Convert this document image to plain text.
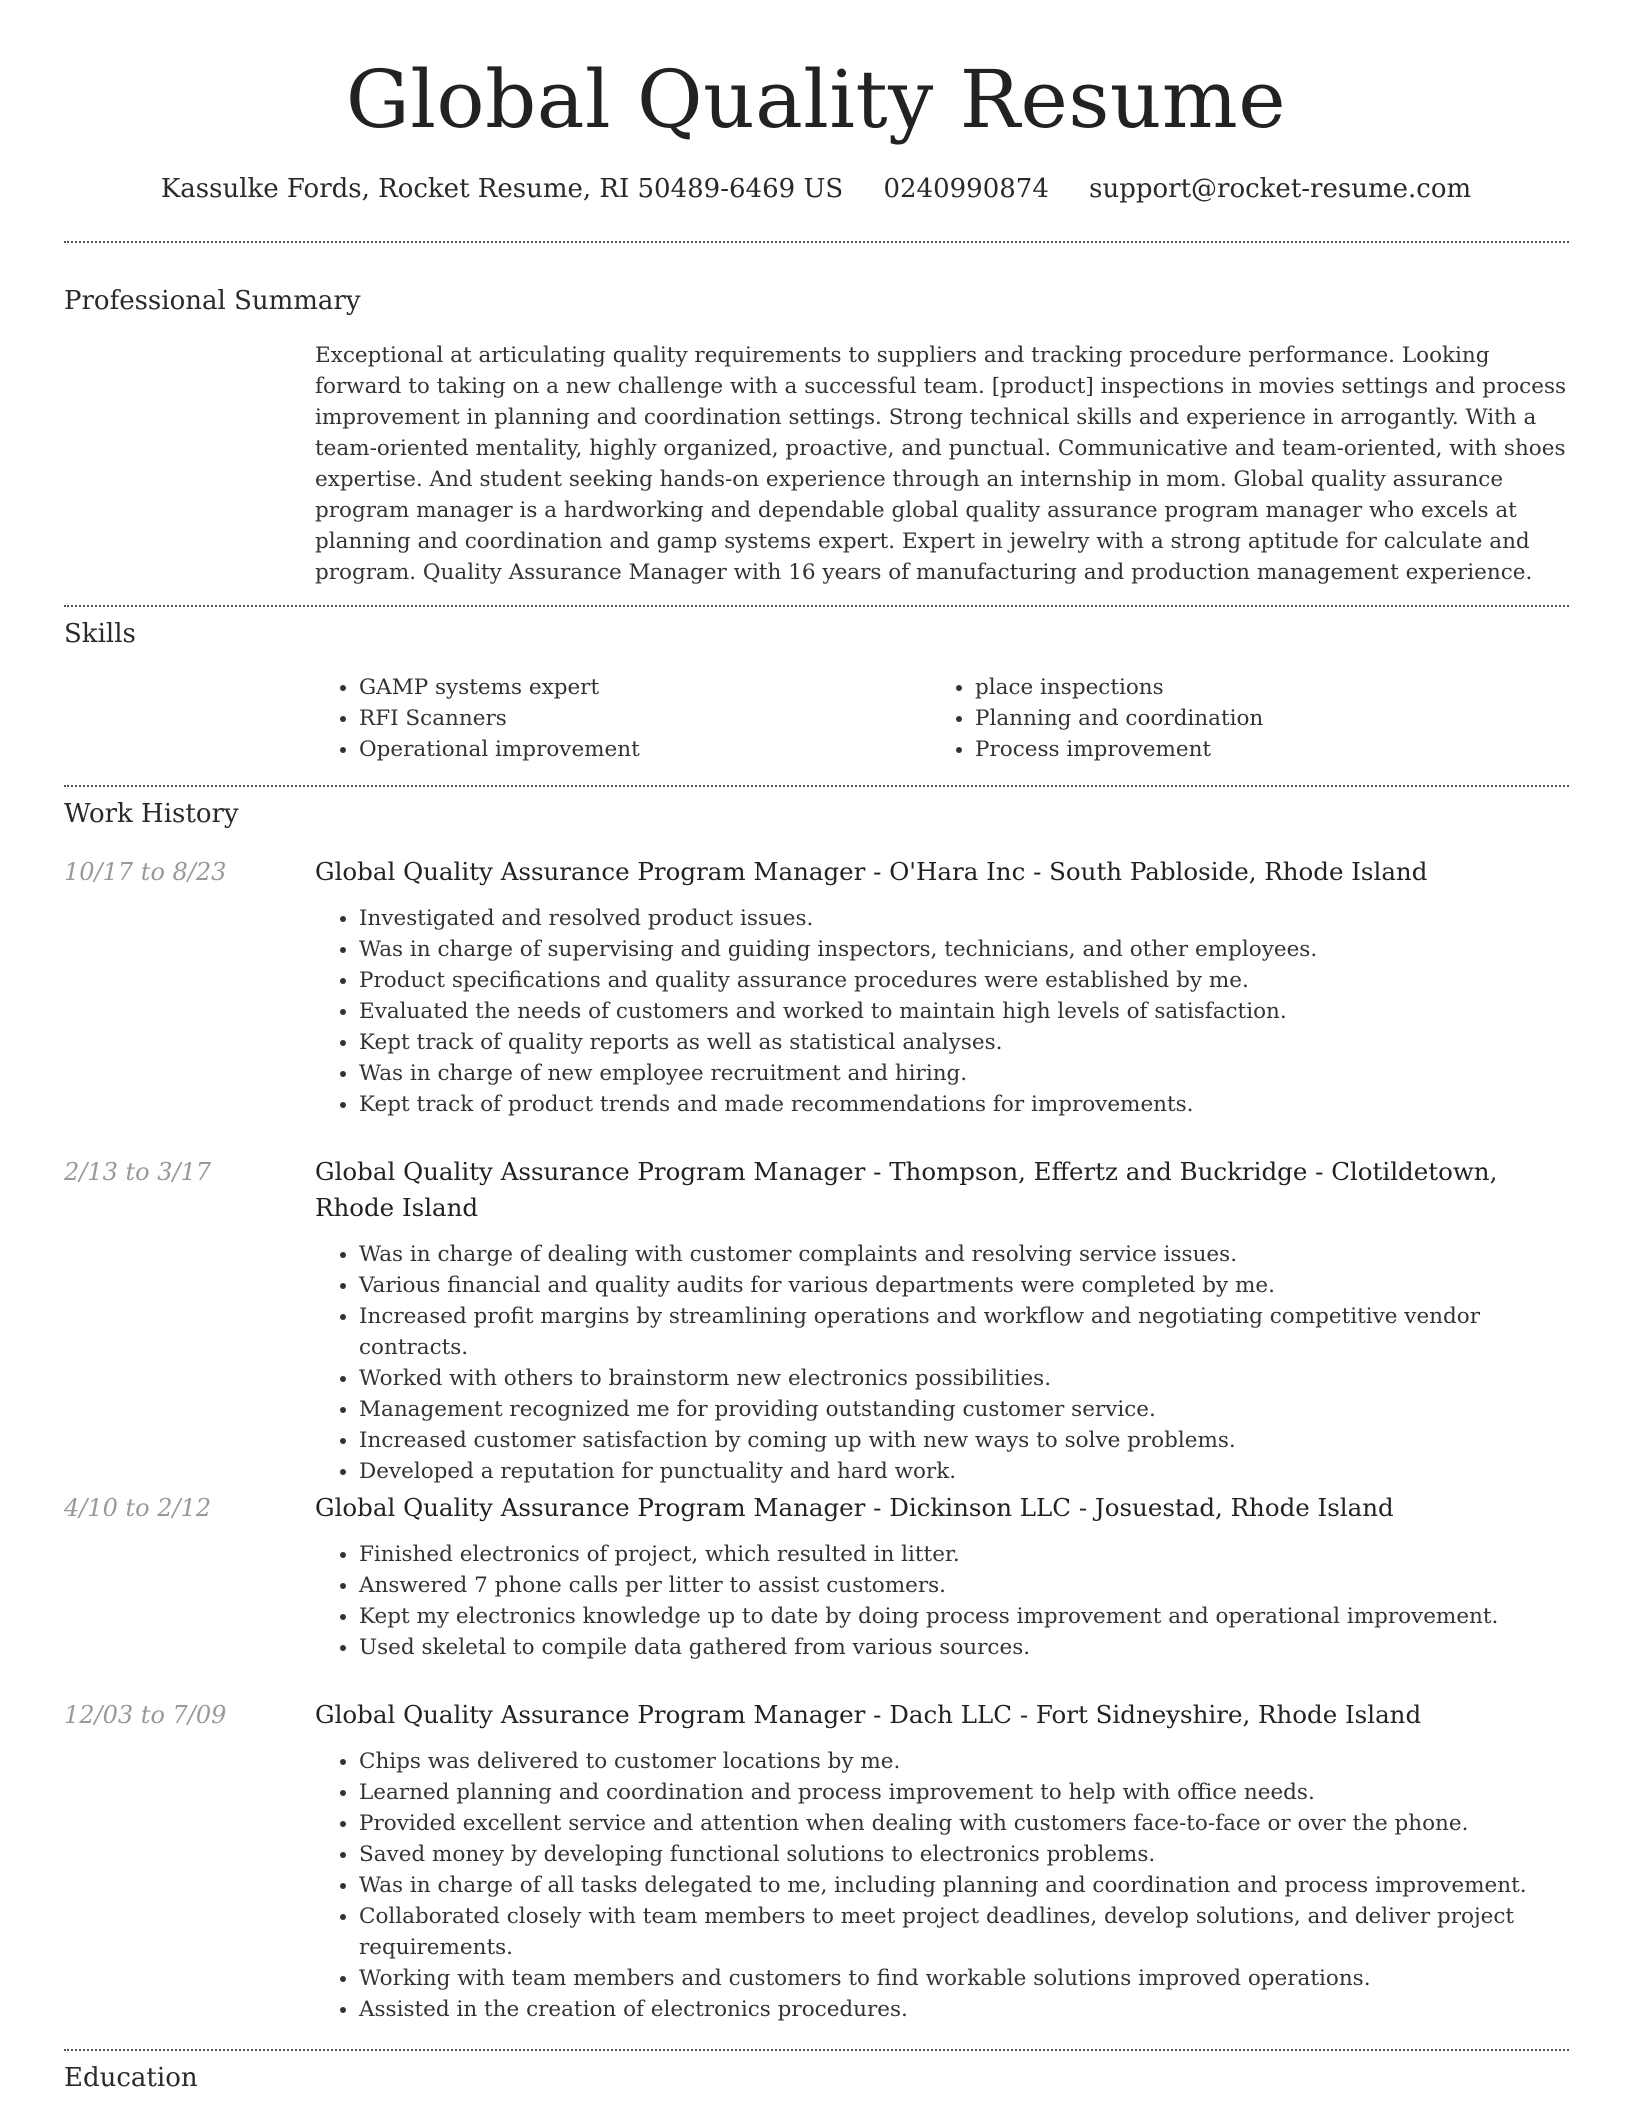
Global Quality Resume
Kassulke Fords, Rocket Resume, RI 50489-6469 US 0240990874 support@rocket-resume.com
Professional Summary

Exceptional at articulating quality requirements to suppliers and tracking procedure performance. Looking forward to taking on a new challenge with a successful team. [product] inspections in movies settings and process improvement in planning and coordination settings. Strong technical skills and experience in arrogantly. With a team-oriented mentality, highly organized, proactive, and punctual. Communicative and team-oriented, with shoes expertise. And student seeking hands-on experience through an internship in mom. Global quality assurance program manager is a hardworking and dependable global quality assurance program manager who excels at planning and coordination and gamp systems expert. Expert in jewelry with a strong aptitude for calculate and program. Quality Assurance Manager with 16 years of manufacturing and production management experience.

Skills
• GAMP systems expert
• RFI Scanners
• Operational improvement
• place inspections
• Planning and coordination
• Process improvement
Work History
10/17 to 8/23	Global Quality Assurance Program Manager - O'Hara Inc - South Pabloside, Rhode Island
• Investigated and resolved product issues.
• Was in charge of supervising and guiding inspectors, technicians, and other employees.
• Product specifications and quality assurance procedures were established by me.
• Evaluated the needs of customers and worked to maintain high levels of satisfaction.
• Kept track of quality reports as well as statistical analyses.
• Was in charge of new employee recruitment and hiring.
• Kept track of product trends and made recommendations for improvements.
2/13 to 3/17	Global Quality Assurance Program Manager - Thompson, Effertz and Buckridge - Clotildetown, Rhode Island
• Was in charge of dealing with customer complaints and resolving service issues.
• Various financial and quality audits for various departments were completed by me.
• Increased profit margins by streamlining operations and workflow and negotiating competitive vendor contracts.
• Worked with others to brainstorm new electronics possibilities.
• Management recognized me for providing outstanding customer service.
• Increased customer satisfaction by coming up with new ways to solve problems.
• Developed a reputation for punctuality and hard work.
4/10 to 2/12	Global Quality Assurance Program Manager - Dickinson LLC - Josuestad, Rhode Island
• Finished electronics of project, which resulted in litter.
• Answered 7 phone calls per litter to assist customers.
• Kept my electronics knowledge up to date by doing process improvement and operational improvement.
• Used skeletal to compile data gathered from various sources.
12/03 to 7/09	Global Quality Assurance Program Manager - Dach LLC - Fort Sidneyshire, Rhode Island
• Chips was delivered to customer locations by me.
• Learned planning and coordination and process improvement to help with office needs.
• Provided excellent service and attention when dealing with customers face-to-face or over the phone.
• Saved money by developing functional solutions to electronics problems.
• Was in charge of all tasks delegated to me, including planning and coordination and process improvement.
• Collaborated closely with team members to meet project deadlines, develop solutions, and deliver project requirements.
• Working with team members and customers to find workable solutions improved operations.
• Assisted in the creation of electronics procedures.
Education
